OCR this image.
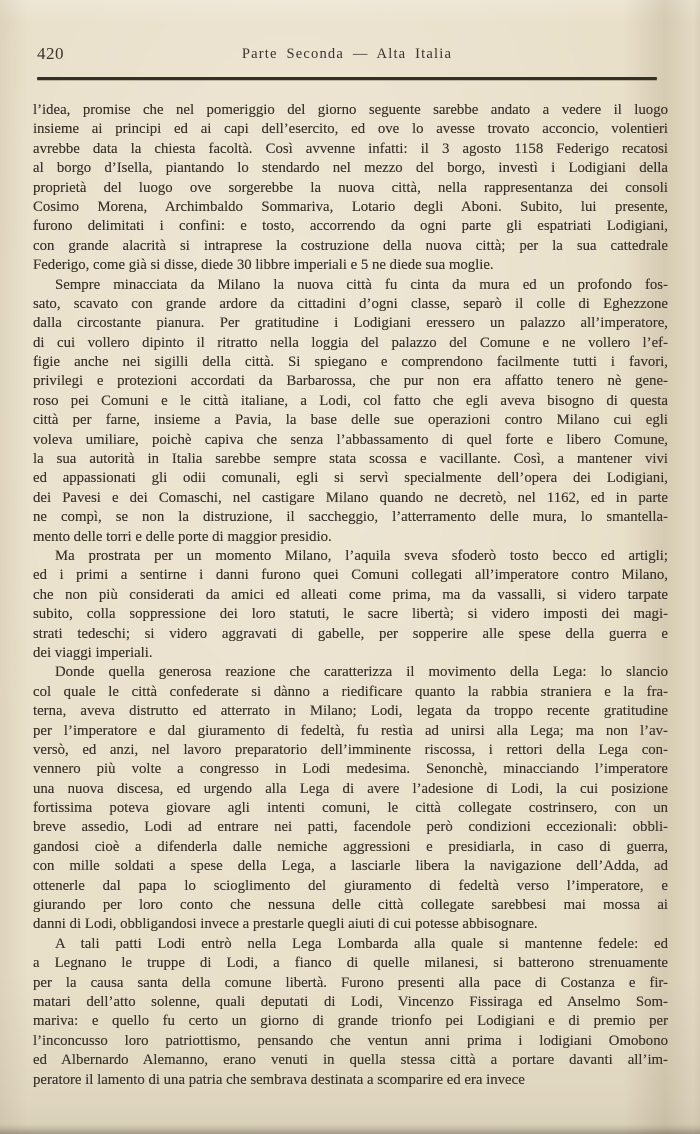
420	Parte Seconda — Alta Italia
l’idea, promise che nel pomeriggio del giorno seguente sarebbe andato a vedere il luogo
insieme ai principi ed ai capi dell’esercito, ed ove lo avesse trovato acconcio, volentieri
avrebbe data la chiesta facoltà. Così avvenne infatti: il 3 agosto 1158 Federigo recatosi
al borgo d’Isella, piantando lo stendardo nel mezzo del borgo, investì i Lodigiani della
proprietà del luogo ove sorgerebbe la nuova città, nella rappresentanza dei consoli
Cosimo Morena, Archimbaldo Sommariva, Lotario degli Aboni. Subito, lui presente,
furono delimitati i confini: e tosto, accorrendo da ogni parte gli espatriati Lodigiani,
con grande alacrità si intraprese la costruzione della nuova città; per la sua cattedrale
Federigo, come già si disse, diede 30 libbre imperiali e 5 ne diede sua moglie.
Sempre minacciata da Milano la nuova città fu cinta da mura ed un profondo fos-
sato, scavato con grande ardore da cittadini d’ogni classe, separò il colle di Eghezzone
dalla circostante pianura. Per gratitudine i Lodigiani eressero un palazzo all’imperatore,
di cui vollero dipinto il ritratto nella loggia del palazzo del Comune e ne vollero l’ef-
figie anche nei sigilli della città. Si spiegano e comprendono facilmente tutti i favori,
privilegi e protezioni accordati da Barbarossa, che pur non era affatto tenero nè gene-
roso pei Comuni e le città italiane, a Lodi, col fatto che egli aveva bisogno di questa
città per farne, insieme a Pavia, la base delle sue operazioni contro Milano cui egli
voleva umiliare, poichè capiva che senza l’abbassamento di quel forte e libero Comune,
la sua autorità in Italia sarebbe sempre stata scossa e vacillante. Così, a mantener vivi
ed appassionati gli odii comunali, egli si servì specialmente dell’opera dei Lodigiani,
dei Pavesi e dei Comaschi, nel castigare Milano quando ne decretò, nel 1162, ed in parte
ne compì, se non la distruzione, il saccheggio, l’atterramento delle mura, lo smantella-
mento delle torri e delle porte di maggior presidio.
Ma prostrata per un momento Milano, l’aquila sveva sfoderò tosto becco ed artigli;
ed i primi a sentirne i danni furono quei Comuni collegati all’imperatore contro Milano,
che non più considerati da amici ed alleati come prima, ma da vassalli, si videro tarpate
subito, colla soppressione dei loro statuti, le sacre libertà; si videro imposti dei magi-
strati tedeschi; si videro aggravati di gabelle, per sopperire alle spese della guerra e
dei viaggi imperiali.
Donde quella generosa reazione che caratterizza il movimento della Lega: lo slancio
col quale le città confederate si dànno a riedificare quanto la rabbia straniera e la fra-
terna, aveva distrutto ed atterrato in Milano; Lodi, legata da troppo recente gratitudine
per l’imperatore e dal giuramento di fedeltà, fu restìa ad unirsi alla Lega; ma non l’av-
versò, ed anzi, nel lavoro preparatorio dell’imminente riscossa, i rettori della Lega con-
vennero più volte a congresso in Lodi medesima. Senonchè, minacciando l’imperatore
una nuova discesa, ed urgendo alla Lega di avere l’adesione di Lodi, la cui posizione
fortissima poteva giovare agli intenti comuni, le città collegate costrinsero, con un
breve assedio, Lodi ad entrare nei patti, facendole però condizioni eccezionali: obbli-
gandosi cioè a difenderla dalle nemiche aggressioni e presidiarla, in caso di guerra,
con mille soldati a spese della Lega, a lasciarle libera la navigazione dell’Adda, ad
ottenerle dal papa lo scioglimento del giuramento di fedeltà verso l’imperatore, e
giurando per loro conto che nessuna delle città collegate sarebbesi mai mossa ai
danni di Lodi, obbligandosi invece a prestarle quegli aiuti di cui potesse abbisognare.
A tali patti Lodi entrò nella Lega Lombarda alla quale si mantenne fedele: ed
a Legnano le truppe di Lodi, a fianco di quelle milanesi, si batterono strenuamente
per la causa santa della comune libertà. Furono presenti alla pace di Costanza e fir-
matari dell’atto solenne, quali deputati di Lodi, Vincenzo Fissiraga ed Anselmo Som-
mariva: e quello fu certo un giorno di grande trionfo pei Lodigiani e di premio per
l’inconcusso loro patriottismo, pensando che ventun anni prima i lodigiani Omobono
ed Albernardo Alemanno, erano venuti in quella stessa città a portare davanti all’im-
peratore il lamento di una patria che sembrava destinata a scomparire ed era invece
